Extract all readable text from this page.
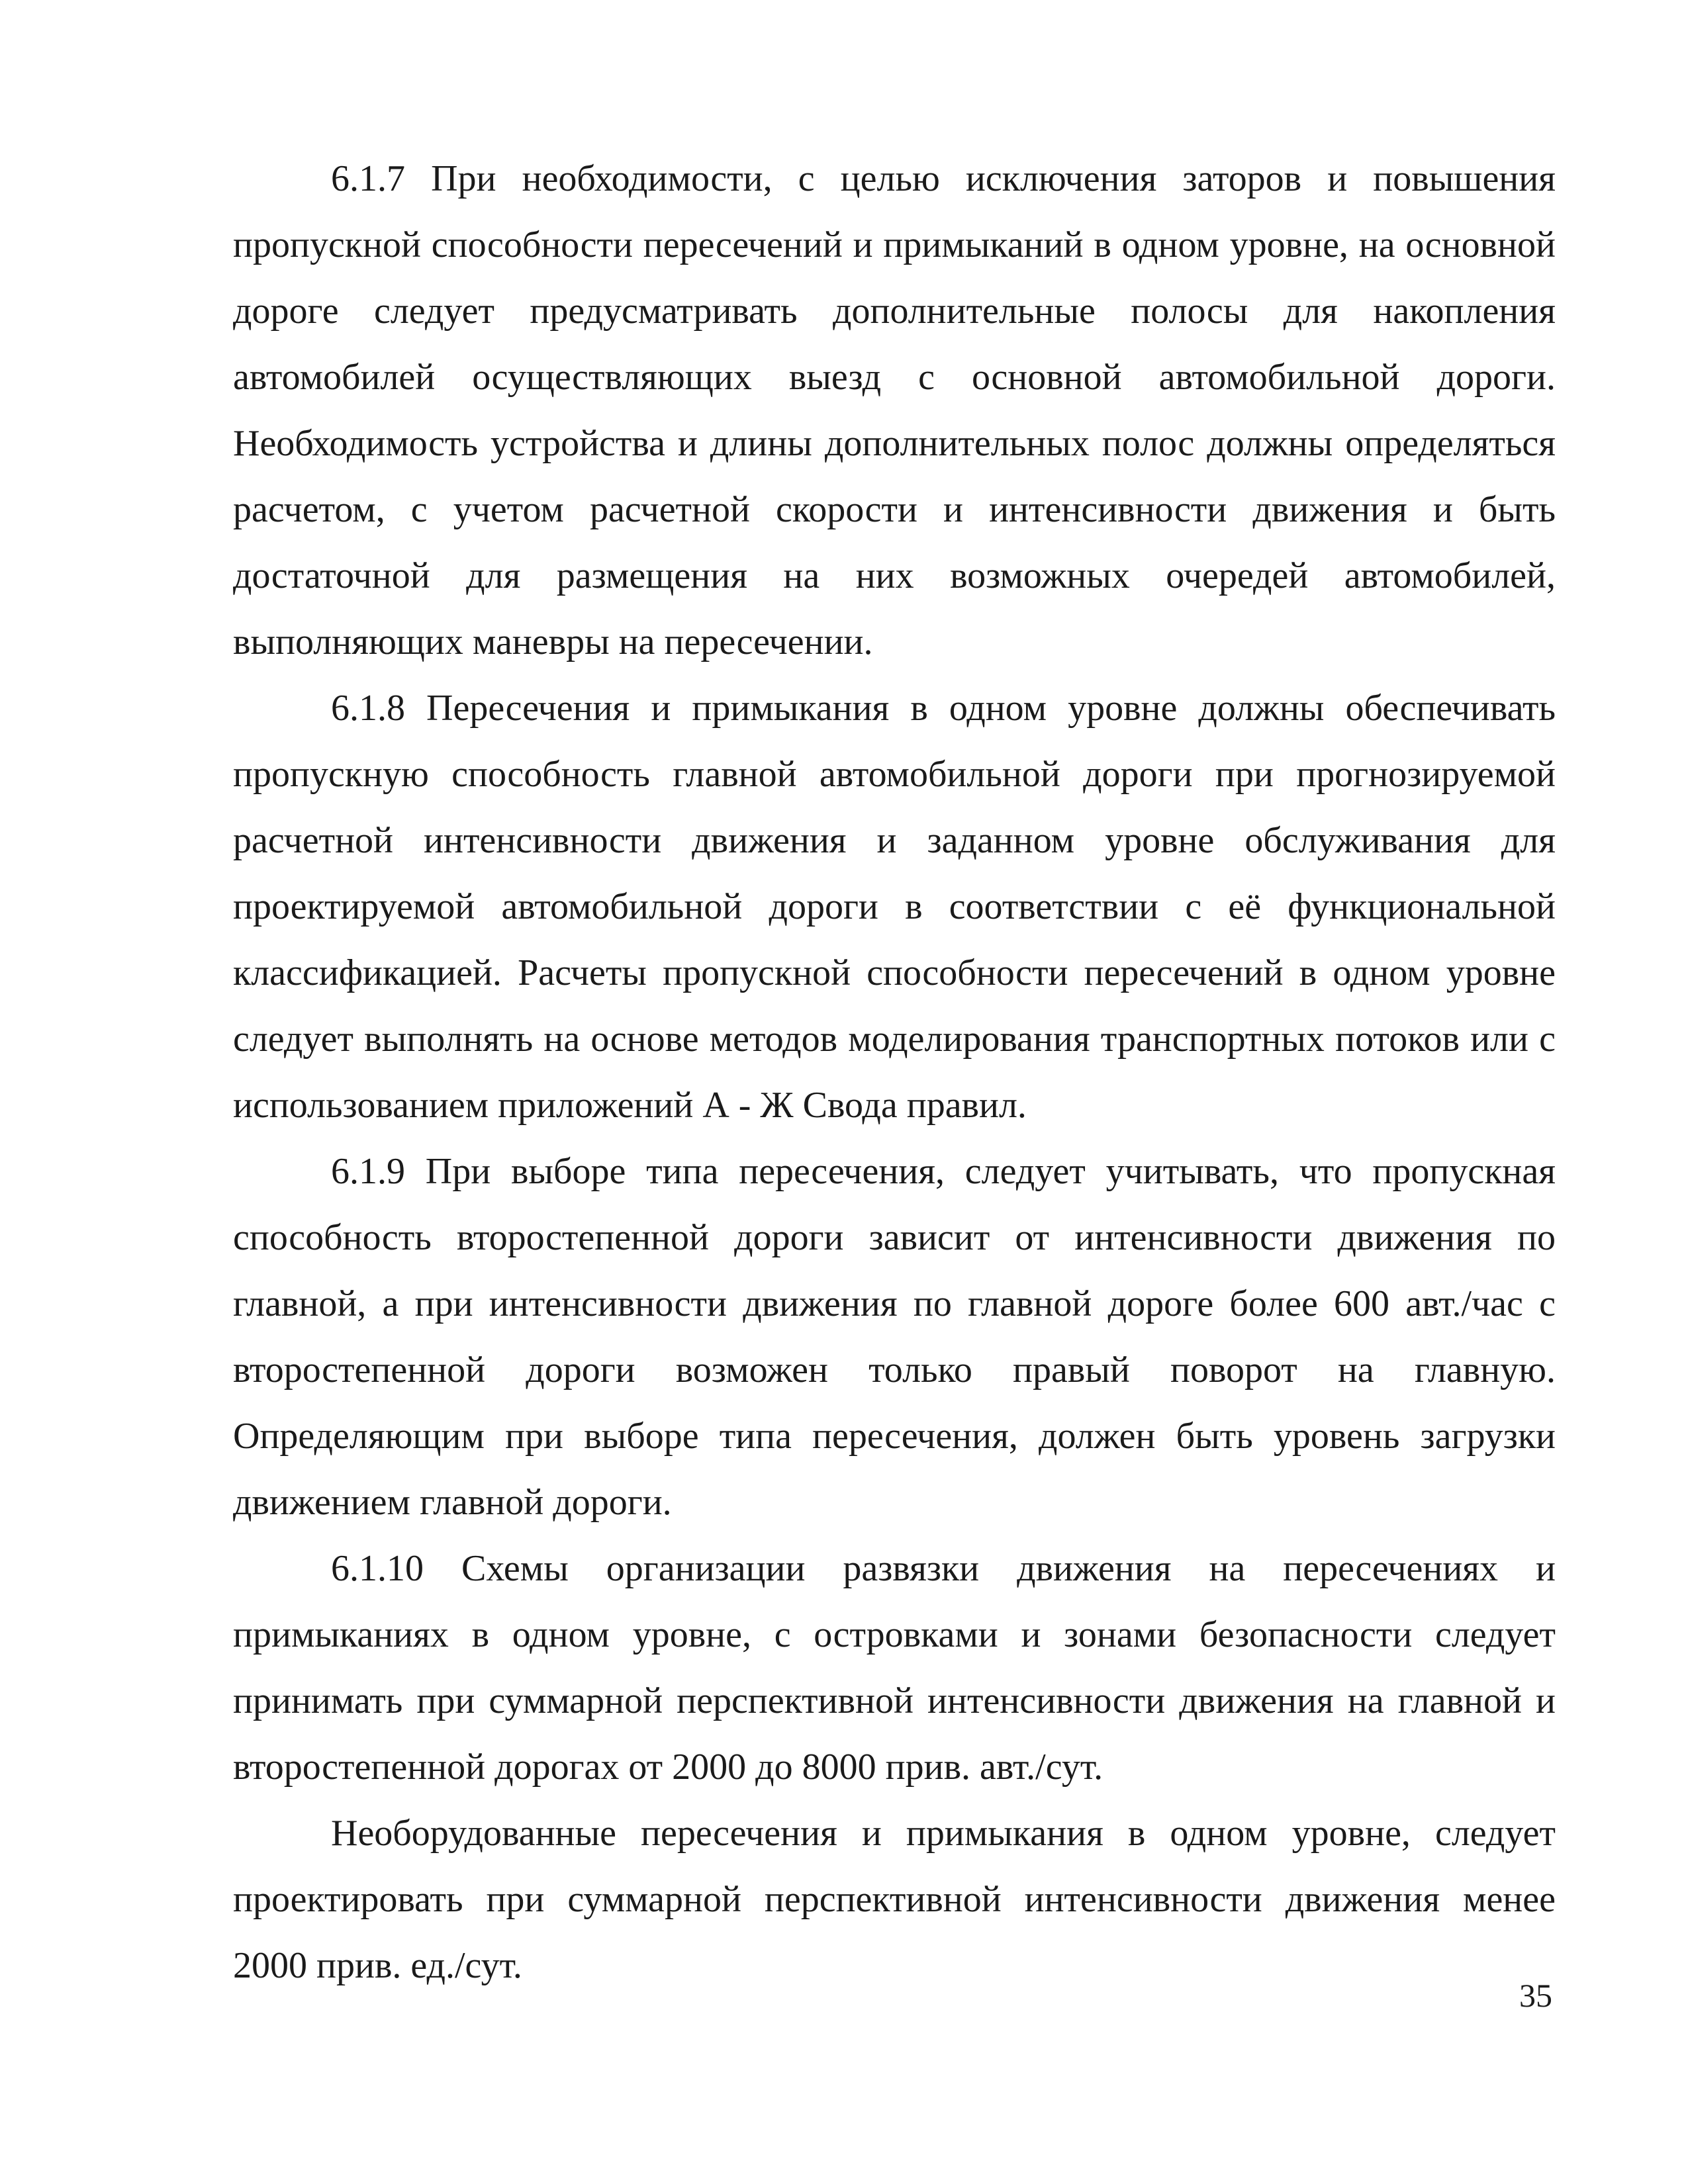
6.1.7 При необходимости, с целью исключения заторов и повышения пропускной способности пересечений и примыканий в одном уровне, на основной дороге следует предусматривать дополнительные полосы для накопления автомобилей осуществляющих выезд с основной автомобильной дороги. Необходимость устройства и длины дополнительных полос должны определяться расчетом, с учетом расчетной скорости и интенсивности движения и быть достаточной для размещения на них возможных очередей автомобилей, выполняющих маневры на пересечении.

6.1.8 Пересечения и примыкания в одном уровне должны обеспечивать пропускную способность главной автомобильной дороги при прогнозируемой расчетной интенсивности движения и заданном уровне обслуживания для проектируемой автомобильной дороги в соответствии с её функциональной классификацией. Расчеты пропускной способности пересечений в одном уровне следует выполнять на основе методов моделирования транспортных потоков или с использованием приложений А - Ж Свода правил.

6.1.9 При выборе типа пересечения, следует учитывать, что пропускная способность второстепенной дороги зависит от интенсивности движения по главной, а при интенсивности движения по главной дороге более 600 авт./час с второстепенной дороги возможен только правый поворот на главную. Определяющим при выборе типа пересечения, должен быть уровень загрузки движением главной дороги.

6.1.10 Схемы организации развязки движения на пересечениях и примыканиях в одном уровне, с островками и зонами безопасности следует принимать при суммарной перспективной интенсивности движения на главной и второстепенной дорогах от 2000 до 8000 прив. авт./сут.

Необорудованные пересечения и примыкания в одном уровне, следует проектировать при суммарной перспективной интенсивности движения менее 2000 прив. ед./сут.

35
